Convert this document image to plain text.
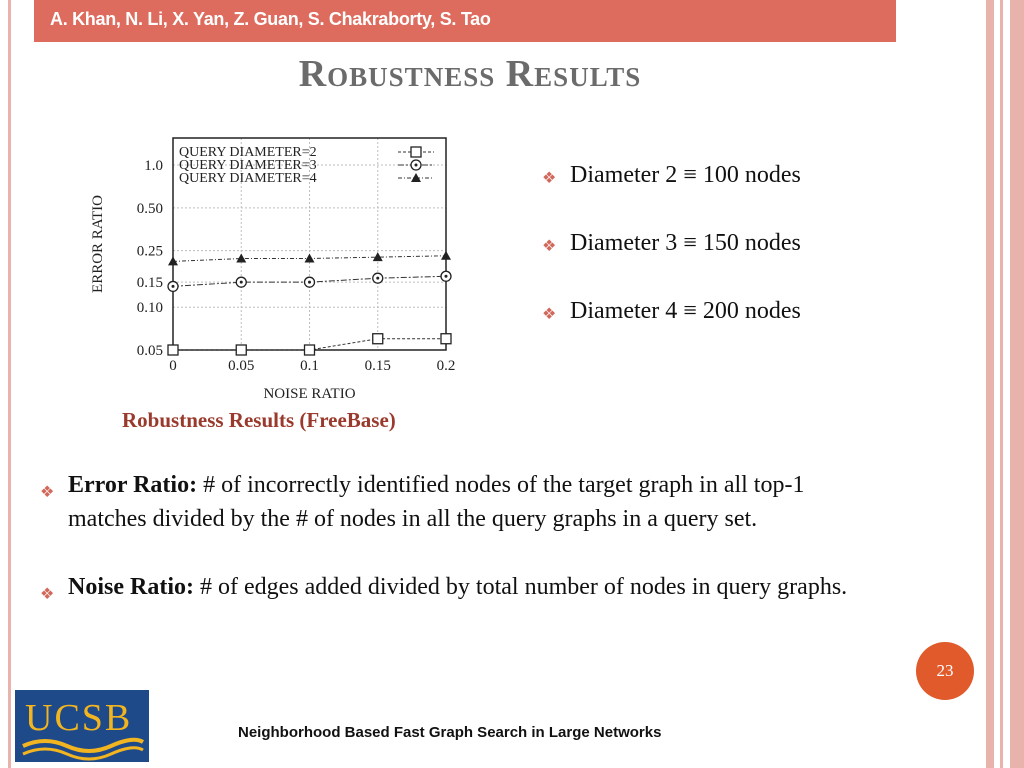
A. Khan, N. Li, X. Yan, Z. Guan, S. Chakraborty, S. Tao
Robustness Results
0	0.05	0.1	0.15	0.2
0.05
0.10
0.15
0.25
0.50
1.0
NOISE RATIO
ERROR RATIO
QUERY DIAMETER=2
QUERY DIAMETER=3
QUERY DIAMETER=4
Robustness Results (FreeBase)
❖ Diameter 2 ≡ 100 nodes
❖ Diameter 3 ≡ 150 nodes
❖ Diameter 4 ≡ 200 nodes
❖ Error Ratio: # of incorrectly identified nodes of the target graph in all top-1 matches divided by the # of nodes in all the query graphs in a query set.
❖ Noise Ratio: # of edges added divided by total number of nodes in query graphs.
23
UCSB	Neighborhood Based Fast Graph Search in Large Networks
